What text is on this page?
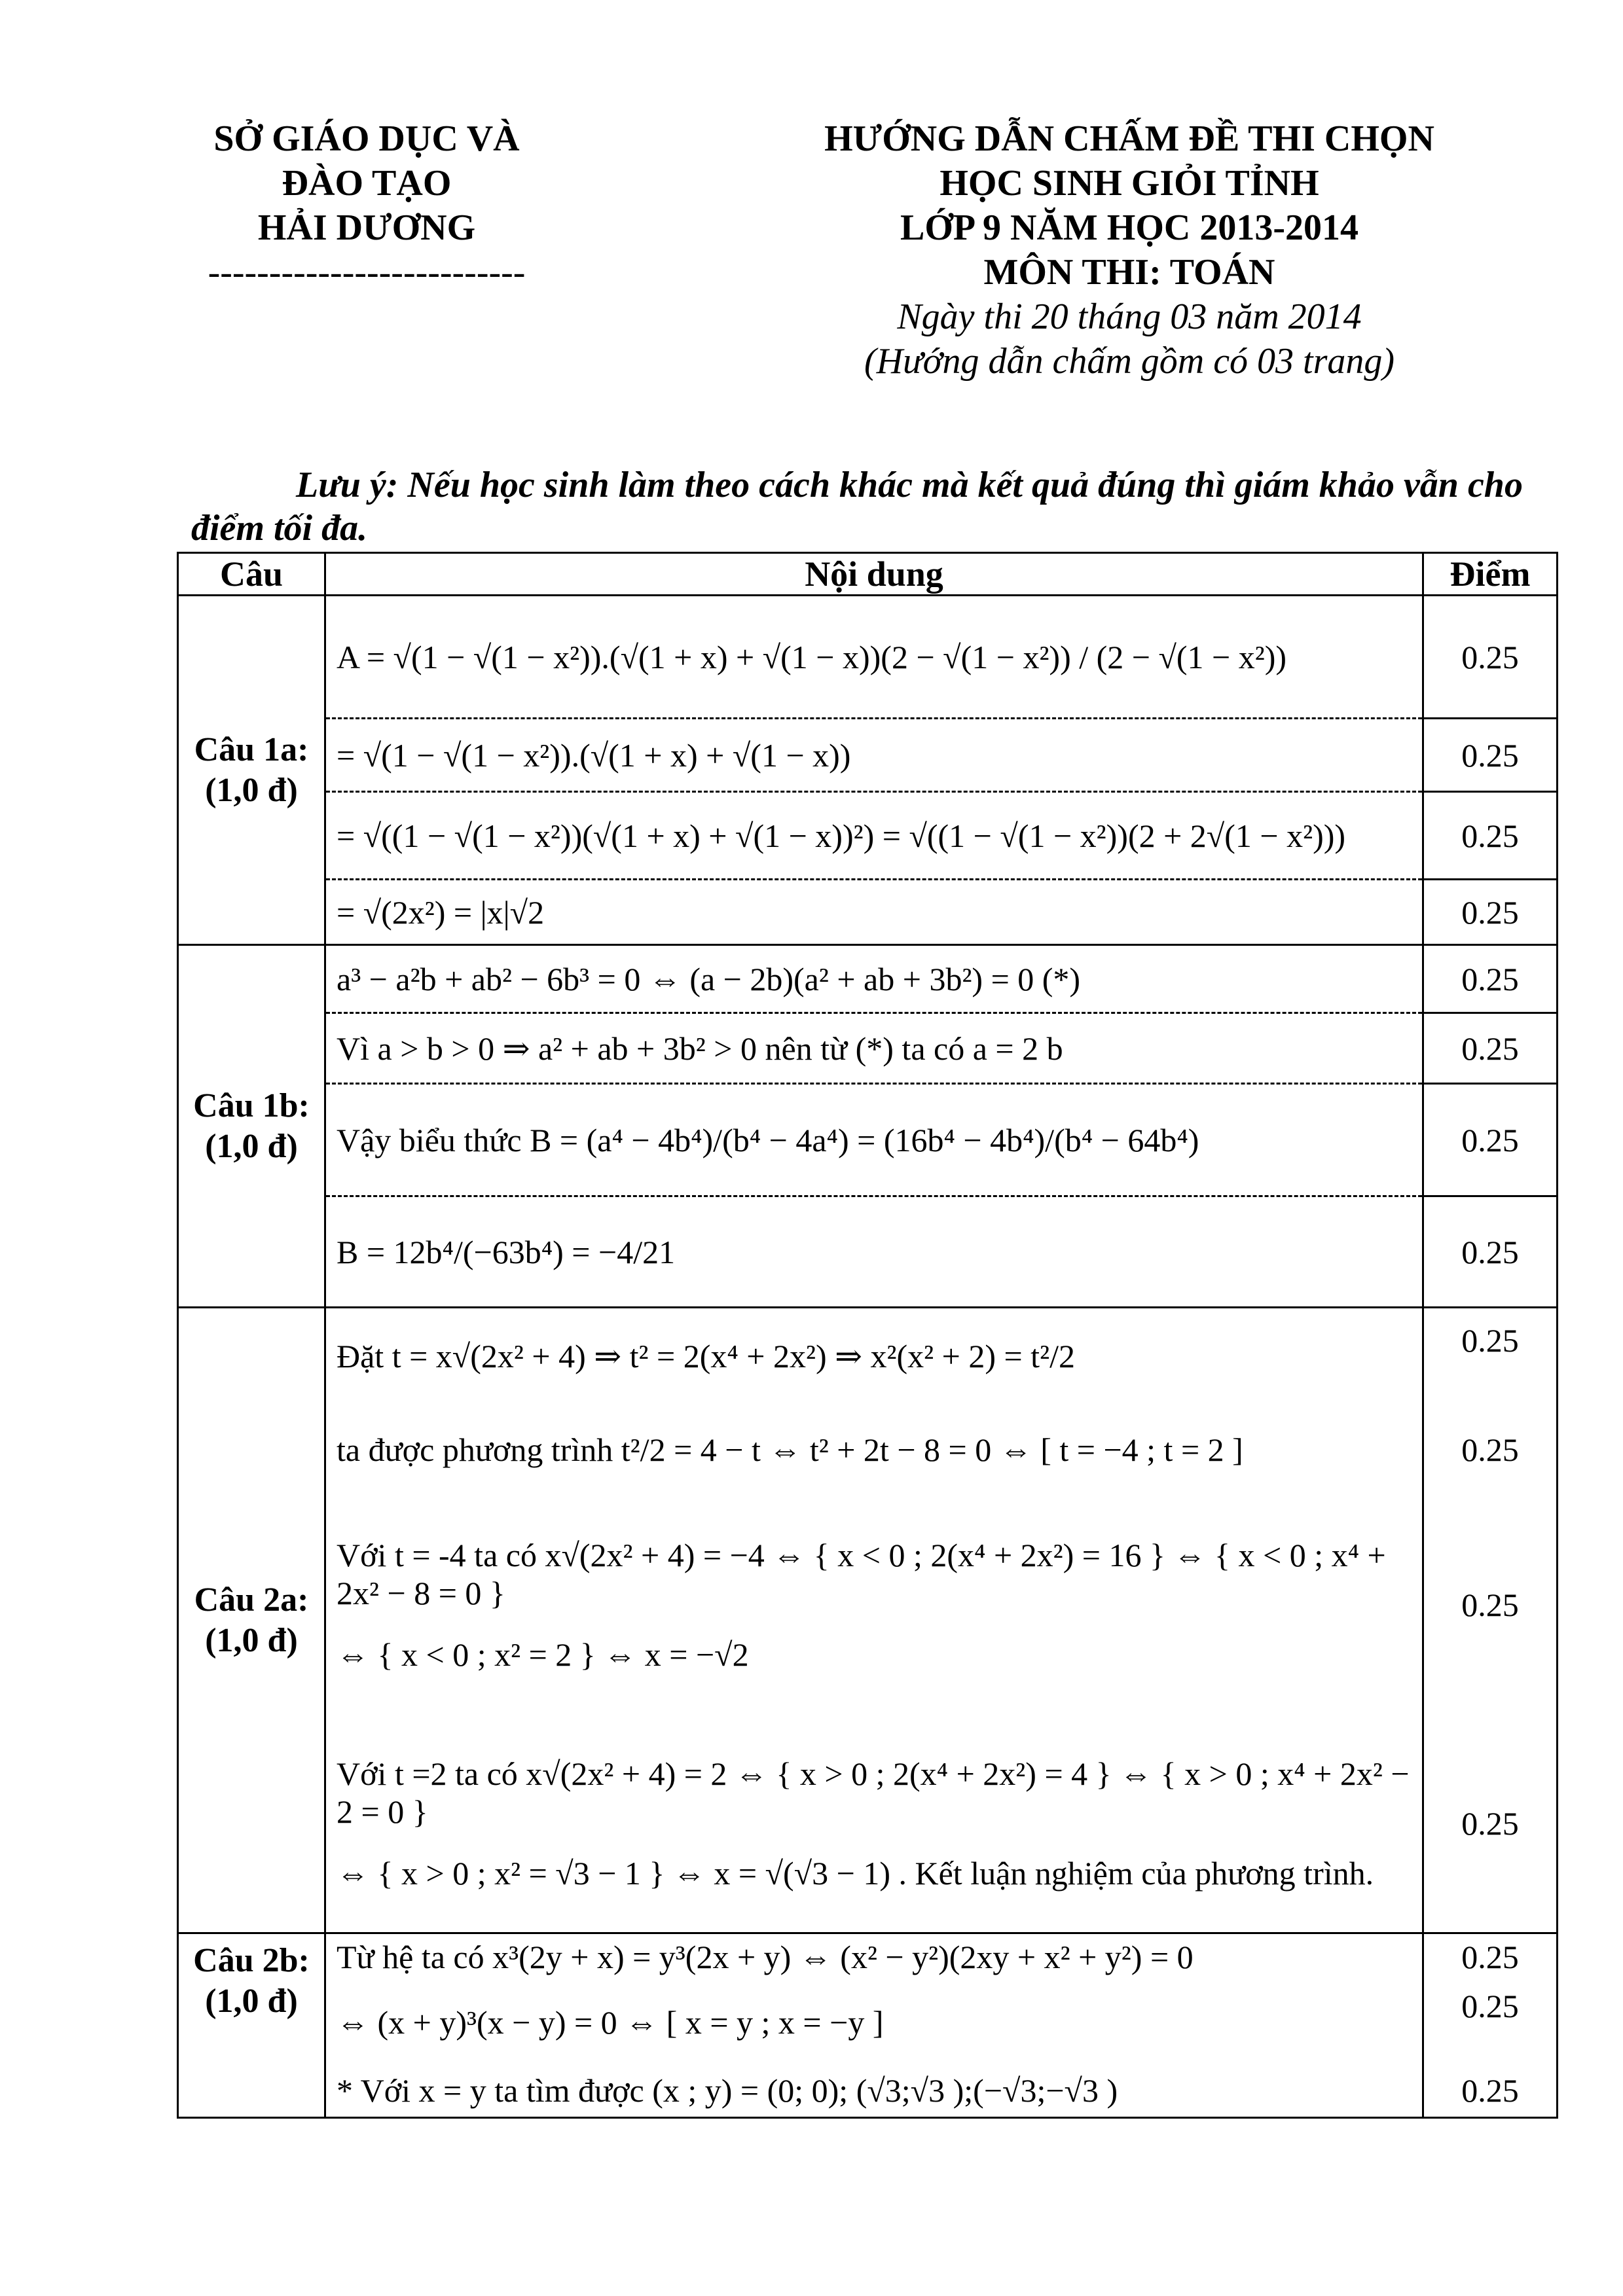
SỞ GIÁO DỤC VÀ ĐÀO TẠO
HẢI DƯƠNG
--------------------------
HƯỚNG DẪN CHẤM ĐỀ THI CHỌN
HỌC SINH GIỎI TỈNH
LỚP 9 NĂM HỌC 2013-2014
MÔN THI: TOÁN
Ngày thi 20 tháng 03 năm 2014
(Hướng dẫn chấm gồm có 03 trang)
Lưu ý: Nếu học sinh làm theo cách khác mà kết quả đúng thì giám khảo vẫn cho điểm tối đa.
Câu	Nội dung	Điểm
Câu 1a: (1,0 đ)	A = √(1 − √(1 − x²)).(√(1 + x) + √(1 − x))(2 − √(1 − x²)) / (2 − √(1 − x²))	0.25
	= √(1 − √(1 − x²)).(√(1 + x) + √(1 − x))	0.25
	= √((1 − √(1 − x²))(√(1 + x) + √(1 − x))²) = √((1 − √(1 − x²))(2 + 2√(1 − x²)))	0.25
	= √(2x²) = |x|√2	0.25
Câu 1b: (1,0 đ)	a³ − a²b + ab² − 6b³ = 0 ⇔ (a − 2b)(a² + ab + 3b²) = 0 (*)	0.25
	Vì a > b > 0 ⇒ a² + ab + 3b² > 0 nên từ (*) ta có a = 2 b	0.25
	Vậy biểu thức B = (a⁴ − 4b⁴)/(b⁴ − 4a⁴) = (16b⁴ − 4b⁴)/(b⁴ − 64b⁴)	0.25
	B = 12b⁴/(−63b⁴) = −4/21	0.25
Câu 2a: (1,0 đ)	Đặt t = x√(2x² + 4) ⇒ t² = 2(x⁴ + 2x²) ⇒ x²(x² + 2) = t²/2	0.25
	ta được phương trình t²/2 = 4 − t ⇔ t² + 2t − 8 = 0 ⇔ [ t = −4 ; t = 2 ]	0.25

	Với t = -4 ta có x√(2x² + 4) = −4 ⇔ { x < 0 ; 2(x⁴ + 2x²) = 16 } ⇔ { x < 0 ; x⁴ + 2x² − 8 = 0 }
⇔ { x < 0 ; x² = 2 } ⇔ x = −√2	0.25

	Với t =2 ta có x√(2x² + 4) = 2 ⇔ { x > 0 ; 2(x⁴ + 2x²) = 4 } ⇔ { x > 0 ; x⁴ + 2x² − 2 = 0 }
⇔ { x > 0 ; x² = √3 − 1 } ⇔ x = √(√3 − 1) . Kết luận nghiệm của phương trình.	0.25
Câu 2b: (1,0 đ)	Từ hệ ta có x³(2y + x) = y³(2x + y) ⇔ (x² − y²)(2xy + x² + y²) = 0	0.25
	⇔ (x + y)³(x − y) = 0 ⇔ [ x = y ; x = −y ]	0.25
	* Với x = y ta tìm được (x ; y) = (0; 0); (√3;√3 );(−√3;−√3 )	0.25
